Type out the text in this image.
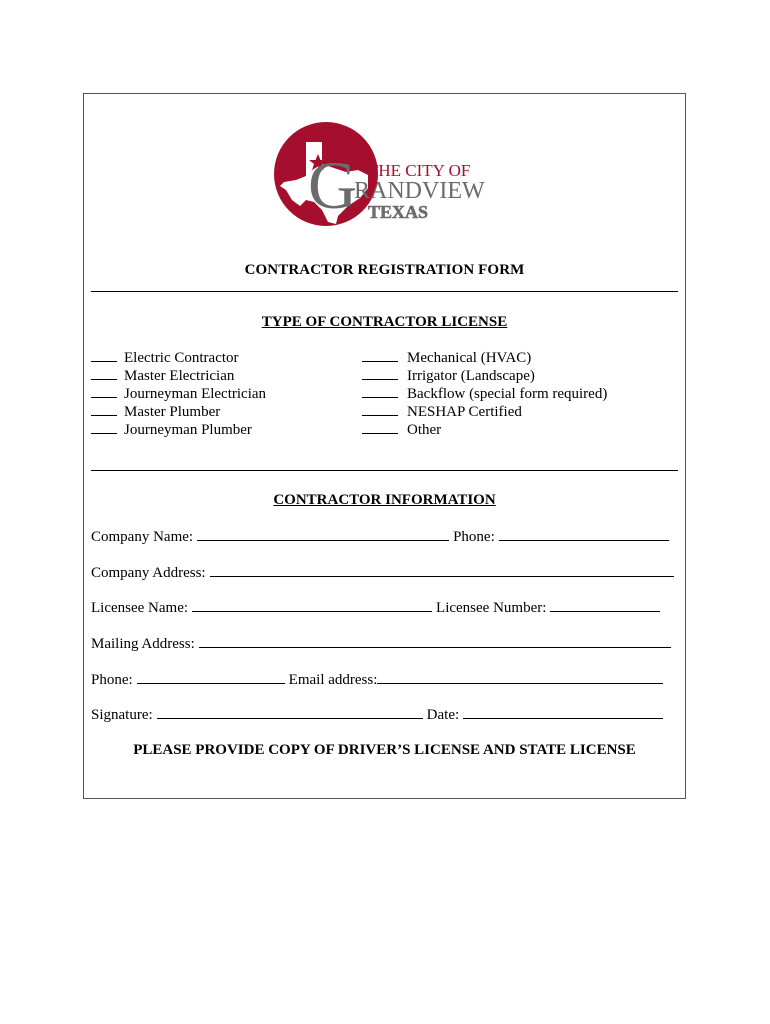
G THE CITY OF
RANDVIEW
TEXAS
CONTRACTOR REGISTRATION FORM
TYPE OF CONTRACTOR LICENSE
Electric Contractor
Master Electrician
Journeyman Electrician
Master Plumber
Journeyman Plumber
Mechanical (HVAC)
Irrigator (Landscape)
Backflow (special form required)
NESHAP Certified
Other
CONTRACTOR INFORMATION
Company Name:	Phone:
Company Address:
Licensee Name:	Licensee Number:
Mailing Address:
Phone:	Email address:
Signature:	Date:
PLEASE PROVIDE COPY OF DRIVER’S LICENSE AND STATE LICENSE
